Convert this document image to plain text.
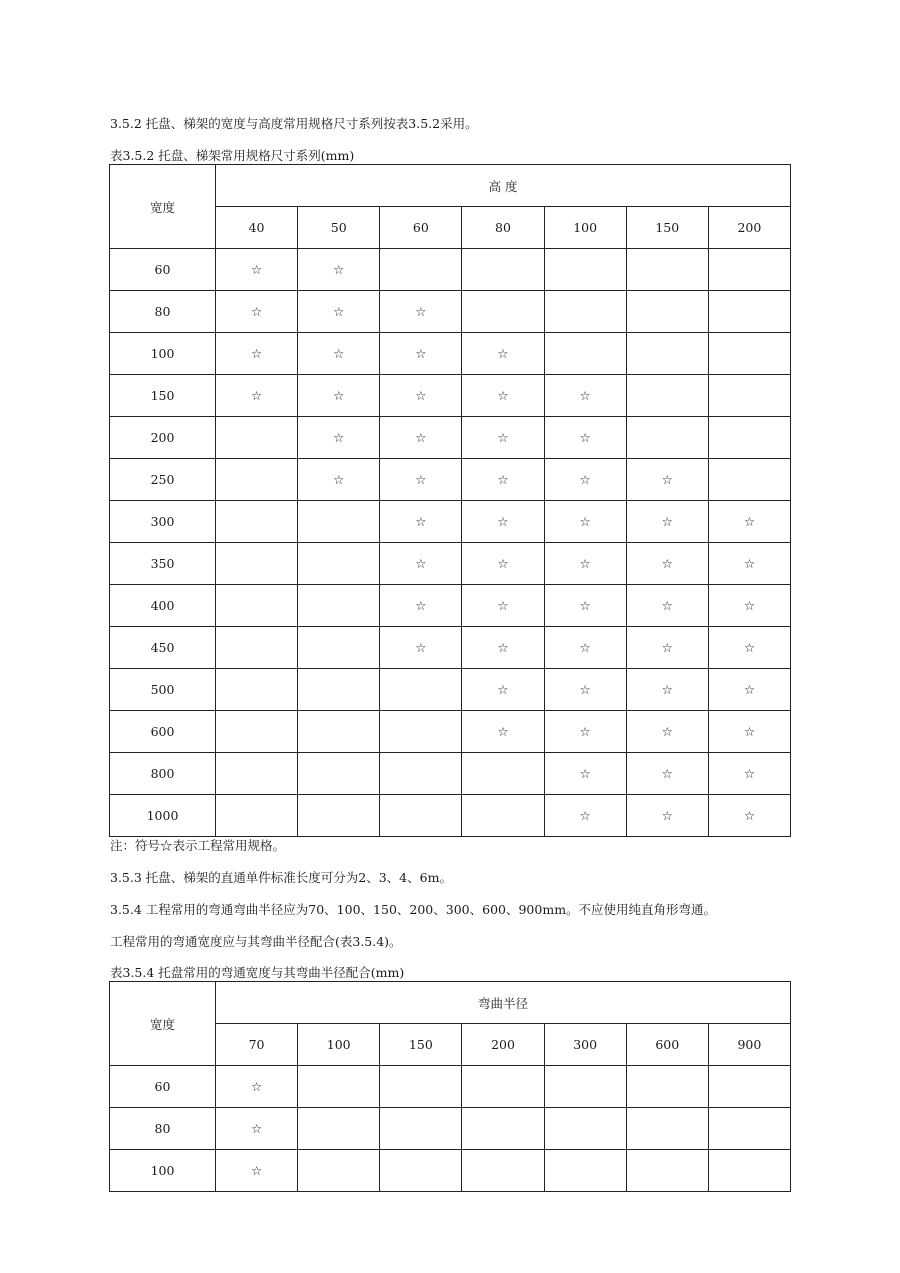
3.5.2 托盘、梯架的宽度与高度常用规格尺寸系列按表3.5.2采用。
表3.5.2 托盘、梯架常用规格尺寸系列(mm)
宽度	高 度						
	40	50	60	80	100	150	200
60	☆	☆					
80	☆	☆	☆				
100	☆	☆	☆	☆			
150	☆	☆	☆	☆	☆		
200		☆	☆	☆	☆		
250		☆	☆	☆	☆	☆	
300			☆	☆	☆	☆	☆
350			☆	☆	☆	☆	☆
400			☆	☆	☆	☆	☆
450			☆	☆	☆	☆	☆
500				☆	☆	☆	☆
600				☆	☆	☆	☆
800					☆	☆	☆
1000					☆	☆	☆
注：符号☆表示工程常用规格。
3.5.3 托盘、梯架的直通单件标准长度可分为2、3、4、6m。
3.5.4 工程常用的弯通弯曲半径应为70、100、150、200、300、600、900mm。不应使用纯直角形弯通。
工程常用的弯通宽度应与其弯曲半径配合(表3.5.4)。
表3.5.4 托盘常用的弯通宽度与其弯曲半径配合(mm)
宽度	弯曲半径						
	70	100	150	200	300	600	900
60	☆						
80	☆						
100	☆						
